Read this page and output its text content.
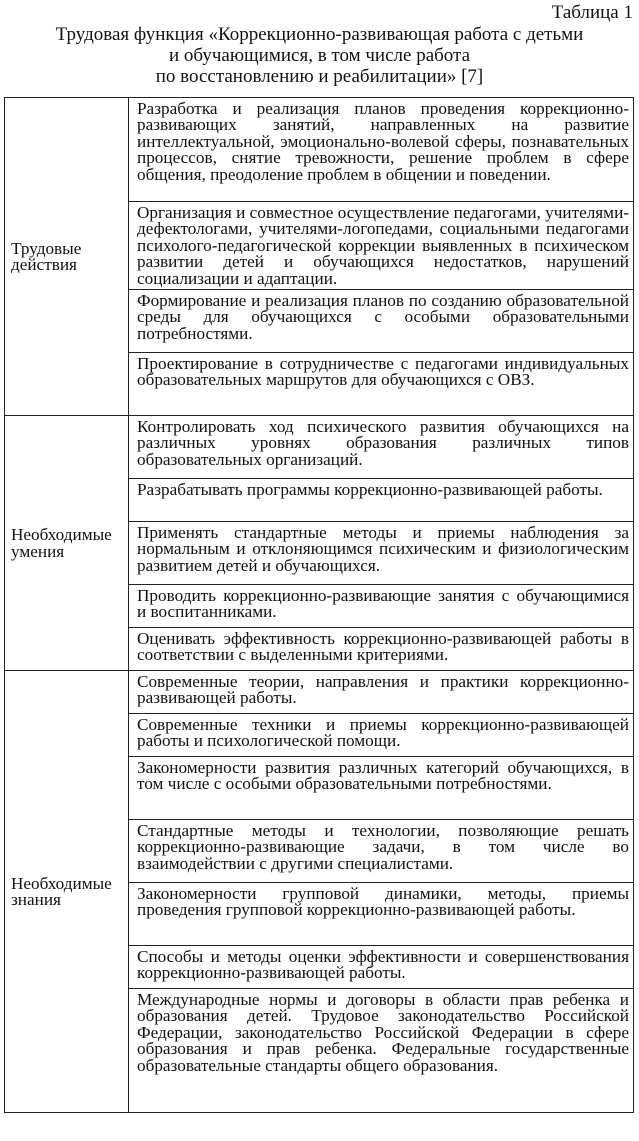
Таблица 1
Трудовая функция «Коррекционно-развивающая работа с детьми
и обучающимися, в том числе работа
по восстановлению и реабилитации» [7]
Трудовые действия	Разработка и реализация планов проведения коррекционно-развивающих занятий, направленных на развитие интеллектуальной, эмоционально-волевой сферы, познавательных процессов, снятие тревожности, решение проблем в сфере общения, преодоление проблем в общении и поведении.
	Организация и совместное осуществление педагогами, учителями-дефектологами, учителями-логопедами, социальными педагогами психолого-педагогической коррекции выявленных в психическом развитии детей и обучающихся недостатков, нарушений социализации и адаптации.
	Формирование и реализация планов по созданию образовательной среды для обучающихся с особыми образовательными потребностями.
	Проектирование в сотрудничестве с педагогами индивидуальных образовательных маршрутов для обучающихся с ОВЗ.
Необходимые умения	Контролировать ход психического развития обучающихся на различных уровнях образования различных типов образовательных организаций.
	Разрабатывать программы коррекционно-развивающей работы.
	Применять стандартные методы и приемы наблюдения за нормальным и отклоняющимся психическим и физиологическим развитием детей и обучающихся.
	Проводить коррекционно-развивающие занятия с обучающимися и воспитанниками.
	Оценивать эффективность коррекционно-развивающей работы в соответствии с выделенными критериями.
Необходимые знания	Современные теории, направления и практики коррекционно-развивающей работы.
	Современные техники и приемы коррекционно-развивающей работы и психологической помощи.
	Закономерности развития различных категорий обучающихся, в том числе с особыми образовательными потребностями.
	Стандартные методы и технологии, позволяющие решать коррекционно-развивающие задачи, в том числе во взаимодействии с другими специалистами.
	Закономерности групповой динамики, методы, приемы проведения групповой коррекционно-развивающей работы.
	Способы и методы оценки эффективности и совершенствования коррекционно-развивающей работы.
	Международные нормы и договоры в области прав ребенка и образования детей. Трудовое законодательство Российской Федерации, законодательство Российской Федерации в сфере образования и прав ребенка. Федеральные государственные образовательные стандарты общего образования.
